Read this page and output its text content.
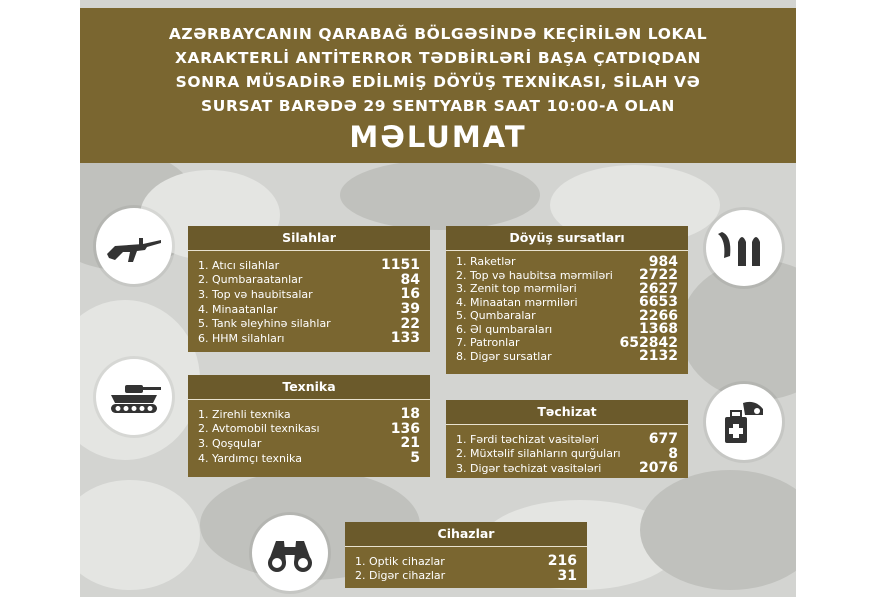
AZƏRBAYCANIN QARABAĞ BÖLGƏSİNDƏ KEÇİRİLƏN LOKAL
XARAKTERLİ ANTİTERROR TƏDBİRLƏRİ BAŞA ÇATDIQDAN
SONRA MÜSADİRƏ EDİLMİŞ DÖYÜŞ TEXNİKASI, SİLAH VƏ
SURSAT BARƏDƏ 29 SENTYABR SAAT 10:00-A OLAN
MƏLUMAT
Silahlar
1. Atıcı silahlar	1151
2. Qumbaraatanlar	84
3. Top və haubitsalar	16
4. Minaatanlar	39
5. Tank əleyhinə silahlar	22
6. HHM silahları	133
Texnika
1. Zirehli texnika	18
2. Avtomobil texnikası	136
3. Qoşqular	21
4. Yardımçı texnika	5
Döyüş sursatları
1. Raketlər	984
2. Top və haubitsa mərmiləri 2722
3. Zenit top mərmiləri	2627
4. Minaatan mərmiləri	6653
5. Qumbaralar	2266
6. Əl qumbaraları	1368
7. Patronlar	652842
8. Digər sursatlar	2132
Təchizat
1. Fərdi təchizat vasitələri	677
2. Müxtəlif silahların qurğuları	8
3. Digər təchizat vasitələri	2076
Cihazlar
1. Optik cihazlar	216
2. Digər cihazlar	31
